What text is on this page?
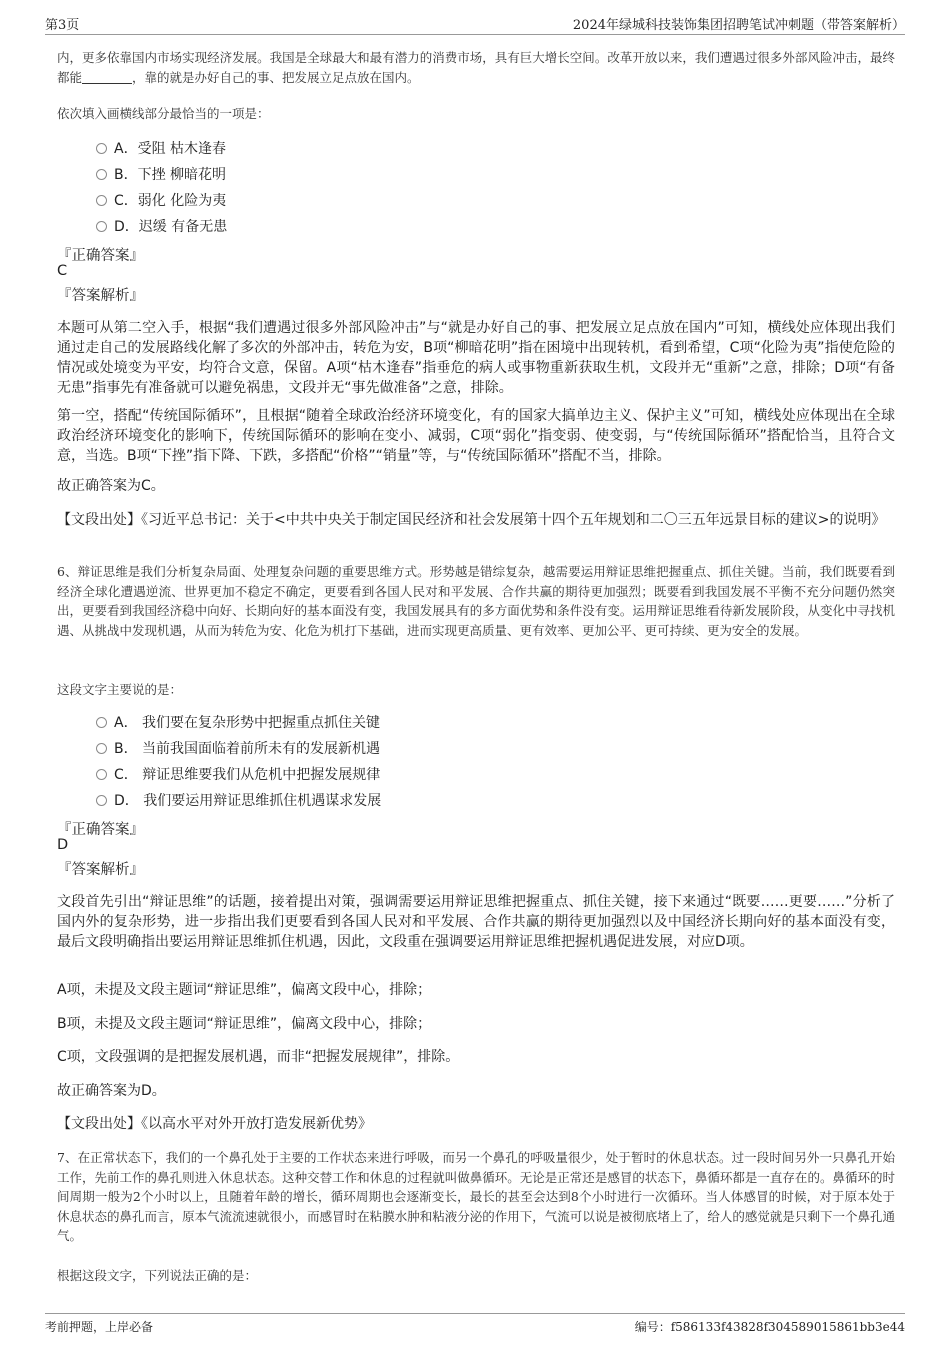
第3页	2024年绿城科技装饰集团招聘笔试冲刺题（带答案解析）

内，更多依靠国内市场实现经济发展。我国是全球最大和最有潜力的消费市场，具有巨大增长空间。改革开放以来，我们遭遇过很多外部风险冲击，最终都能	，靠的就是办好自己的事、把发展立足点放在国内。

依次填入画横线部分最恰当的一项是：

A．受阻 枯木逢春
B．下挫 柳暗花明
C．弱化 化险为夷
D．迟缓 有备无患

『正确答案』

C

『答案解析』

本题可从第二空入手，根据“我们遭遇过很多外部风险冲击”与“就是办好自己的事、把发展立足点放在国内”可知，横线处应体现出我们通过走自己的发展路线化解了多次的外部冲击，转危为安，B项“柳暗花明”指在困境中出现转机，看到希望，C项“化险为夷”指使危险的情况或处境变为平安，均符合文意，保留。A项“枯木逢春”指垂危的病人或事物重新获取生机，文段并无“重新”之意，排除；D项“有备无患”指事先有准备就可以避免祸患，文段并无“事先做准备”之意，排除。

第一空，搭配“传统国际循环”，且根据“随着全球政治经济环境变化，有的国家大搞单边主义、保护主义”可知，横线处应体现出在全球政治经济环境变化的影响下，传统国际循环的影响在变小、减弱，C项“弱化”指变弱、使变弱，与“传统国际循环”搭配恰当，且符合文意，当选。B项“下挫”指下降、下跌，多搭配“价格”“销量”等，与“传统国际循环”搭配不当，排除。

故正确答案为C。

【文段出处】《习近平总书记：关于<中共中央关于制定国民经济和社会发展第十四个五年规划和二〇三五年远景目标的建议>的说明》

6、辩证思维是我们分析复杂局面、处理复杂问题的重要思维方式。形势越是错综复杂，越需要运用辩证思维把握重点、抓住关键。当前，我们既要看到经济全球化遭遇逆流、世界更加不稳定不确定，更要看到各国人民对和平发展、合作共赢的期待更加强烈；既要看到我国发展不平衡不充分问题仍然突出，更要看到我国经济稳中向好、长期向好的基本面没有变，我国发展具有的多方面优势和条件没有变。运用辩证思维看待新发展阶段，从变化中寻找机遇、从挑战中发现机遇，从而为转危为安、化危为机打下基础，进而实现更高质量、更有效率、更加公平、更可持续、更为安全的发展。

这段文字主要说的是：

A． 我们要在复杂形势中把握重点抓住关键
B． 当前我国面临着前所未有的发展新机遇
C． 辩证思维要我们从危机中把握发展规律
D． 我们要运用辩证思维抓住机遇谋求发展

『正确答案』

D

『答案解析』

文段首先引出“辩证思维”的话题，接着提出对策，强调需要运用辩证思维把握重点、抓住关键，接下来通过“既要……更要……”分析了国内外的复杂形势，进一步指出我们更要看到各国人民对和平发展、合作共赢的期待更加强烈以及中国经济长期向好的基本面没有变，最后文段明确指出要运用辩证思维抓住机遇，因此，文段重在强调要运用辩证思维把握机遇促进发展，对应D项。

A项，未提及文段主题词“辩证思维”，偏离文段中心，排除；

B项，未提及文段主题词“辩证思维”，偏离文段中心，排除；

C项，文段强调的是把握发展机遇，而非“把握发展规律”，排除。

故正确答案为D。

【文段出处】《以高水平对外开放打造发展新优势》

7、在正常状态下，我们的一个鼻孔处于主要的工作状态来进行呼吸，而另一个鼻孔的呼吸量很少，处于暂时的休息状态。过一段时间另外一只鼻孔开始工作，先前工作的鼻孔则进入休息状态。这种交替工作和休息的过程就叫做鼻循环。无论是正常还是感冒的状态下，鼻循环都是一直存在的。鼻循环的时间周期一般为2个小时以上，且随着年龄的增长，循环周期也会逐渐变长，最长的甚至会达到8个小时进行一次循环。当人体感冒的时候，对于原本处于休息状态的鼻孔而言，原本气流流速就很小，而感冒时在粘膜水肿和粘液分泌的作用下，气流可以说是被彻底堵上了，给人的感觉就是只剩下一个鼻孔通气。

根据这段文字，下列说法正确的是：

考前押题，上岸必备	编号：f586133f43828f304589015861bb3e44
